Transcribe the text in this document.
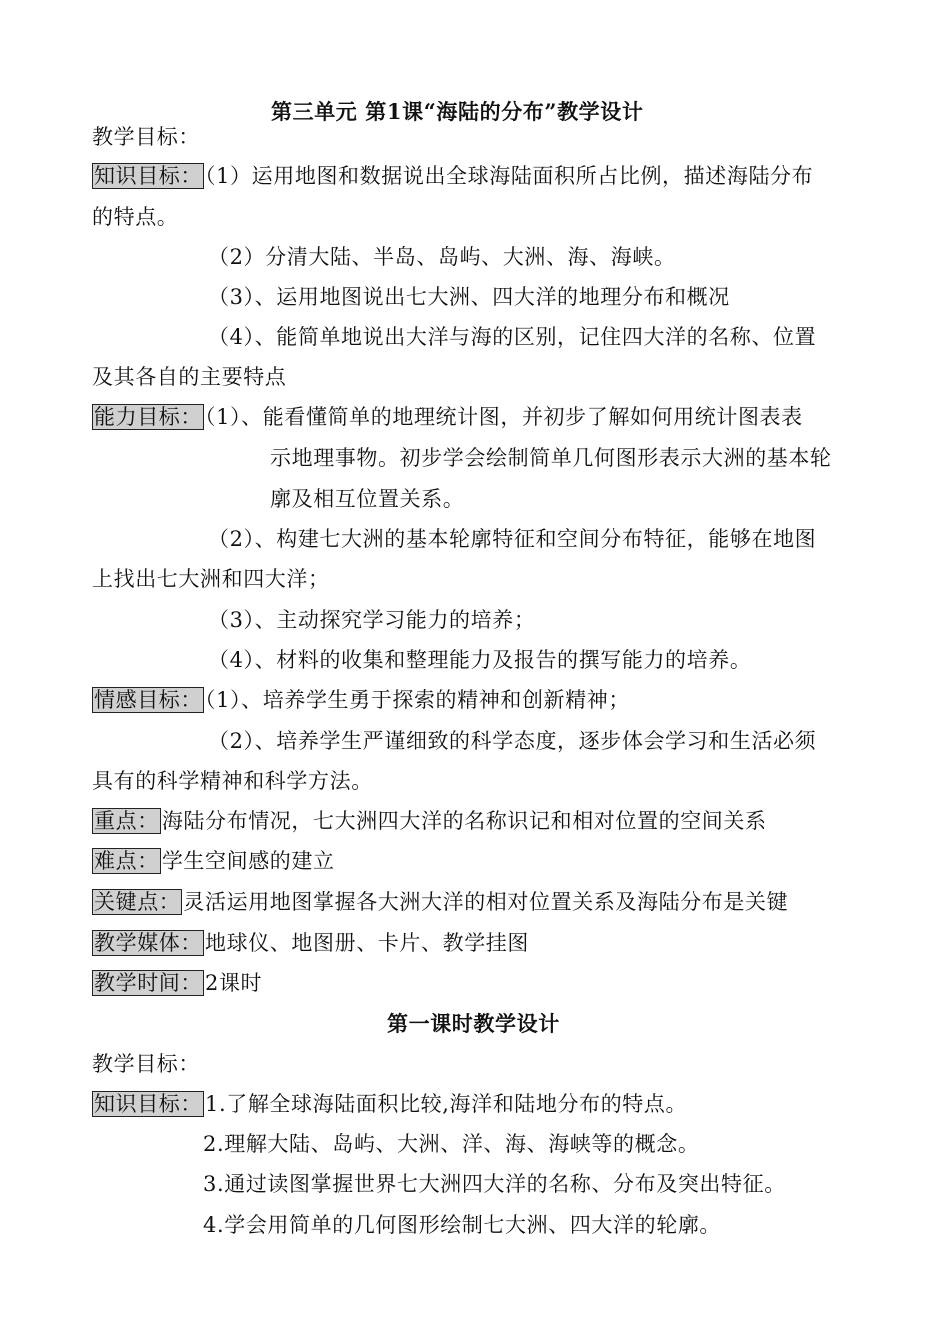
第三单元 第1课“海陆的分布”教学设计
教学目标：
知识目标： （1）运用地图和数据说出全球海陆面积所占比例，描述海陆分布
的特点。
（2）分清大陆、半岛、岛屿、大洲、海、海峡。
（3）、运用地图说出七大洲、四大洋的地理分布和概况
（4）、能简单地说出大洋与海的区别，记住四大洋的名称、位置
及其各自的主要特点
能力目标： （1）、能看懂简单的地理统计图，并初步了解如何用统计图表表
示地理事物。初步学会绘制简单几何图形表示大洲的基本轮
廓及相互位置关系。
（2）、构建七大洲的基本轮廓特征和空间分布特征，能够在地图
上找出七大洲和四大洋；
（3）、主动探究学习能力的培养；
（4）、材料的收集和整理能力及报告的撰写能力的培养。
情感目标： （1）、培养学生勇于探索的精神和创新精神；
（2）、培养学生严谨细致的科学态度，逐步体会学习和生活必须
具有的科学精神和科学方法。
重点： 海陆分布情况，七大洲四大洋的名称识记和相对位置的空间关系
难点： 学生空间感的建立
关键点： 灵活运用地图掌握各大洲大洋的相对位置关系及海陆分布是关键
教学媒体： 地球仪、地图册、卡片、教学挂图
教学时间： 2课时
第一课时教学设计
教学目标：
知识目标： 1.了解全球海陆面积比较,海洋和陆地分布的特点。
2.理解大陆、岛屿、大洲、洋、海、海峡等的概念。
3.通过读图掌握世界七大洲四大洋的名称、分布及突出特征。
4.学会用简单的几何图形绘制七大洲、四大洋的轮廓。
